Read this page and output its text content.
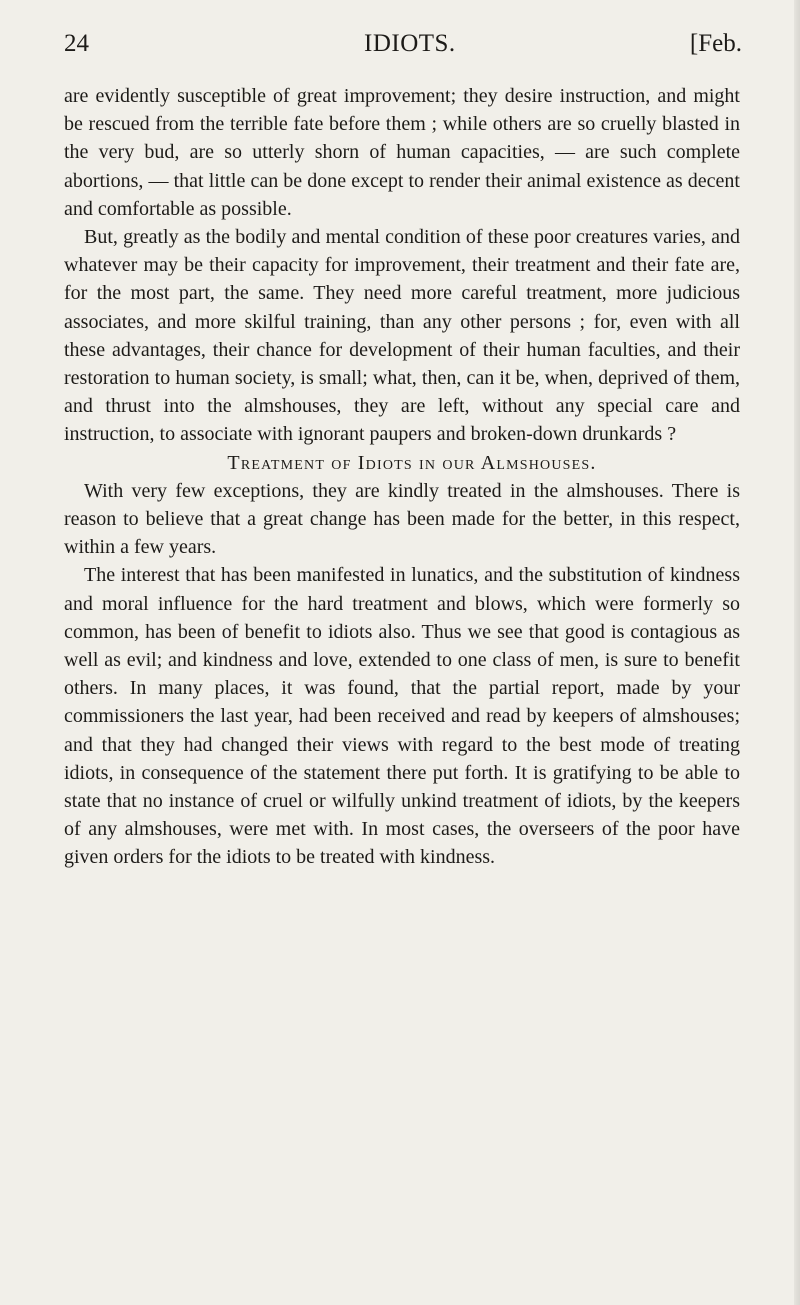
24	IDIOTS.	[Feb.

are evidently susceptible of great improvement; they desire instruction, and might be rescued from the terrible fate before them ; while others are so cruelly blasted in the very bud, are so utterly shorn of human capacities, — are such complete abortions, — that little can be done except to render their animal existence as decent and comfortable as possible.

But, greatly as the bodily and mental condition of these poor creatures varies, and whatever may be their capacity for improvement, their treatment and their fate are, for the most part, the same. They need more careful treatment, more judicious associates, and more skilful training, than any other persons ; for, even with all these advantages, their chance for development of their human faculties, and their restoration to human society, is small; what, then, can it be, when, deprived of them, and thrust into the almshouses, they are left, without any special care and instruction, to associate with ignorant paupers and broken-down drunkards ?

Treatment of Idiots in our Almshouses.

With very few exceptions, they are kindly treated in the almshouses. There is reason to believe that a great change has been made for the better, in this respect, within a few years.

The interest that has been manifested in lunatics, and the substitution of kindness and moral influence for the hard treatment and blows, which were formerly so common, has been of benefit to idiots also. Thus we see that good is contagious as well as evil; and kindness and love, extended to one class of men, is sure to benefit others. In many places, it was found, that the partial report, made by your commissioners the last year, had been received and read by keepers of almshouses; and that they had changed their views with regard to the best mode of treating idiots, in consequence of the statement there put forth. It is gratifying to be able to state that no instance of cruel or wilfully unkind treatment of idiots, by the keepers of any almshouses, were met with. In most cases, the overseers of the poor have given orders for the idiots to be treated with kindness.
